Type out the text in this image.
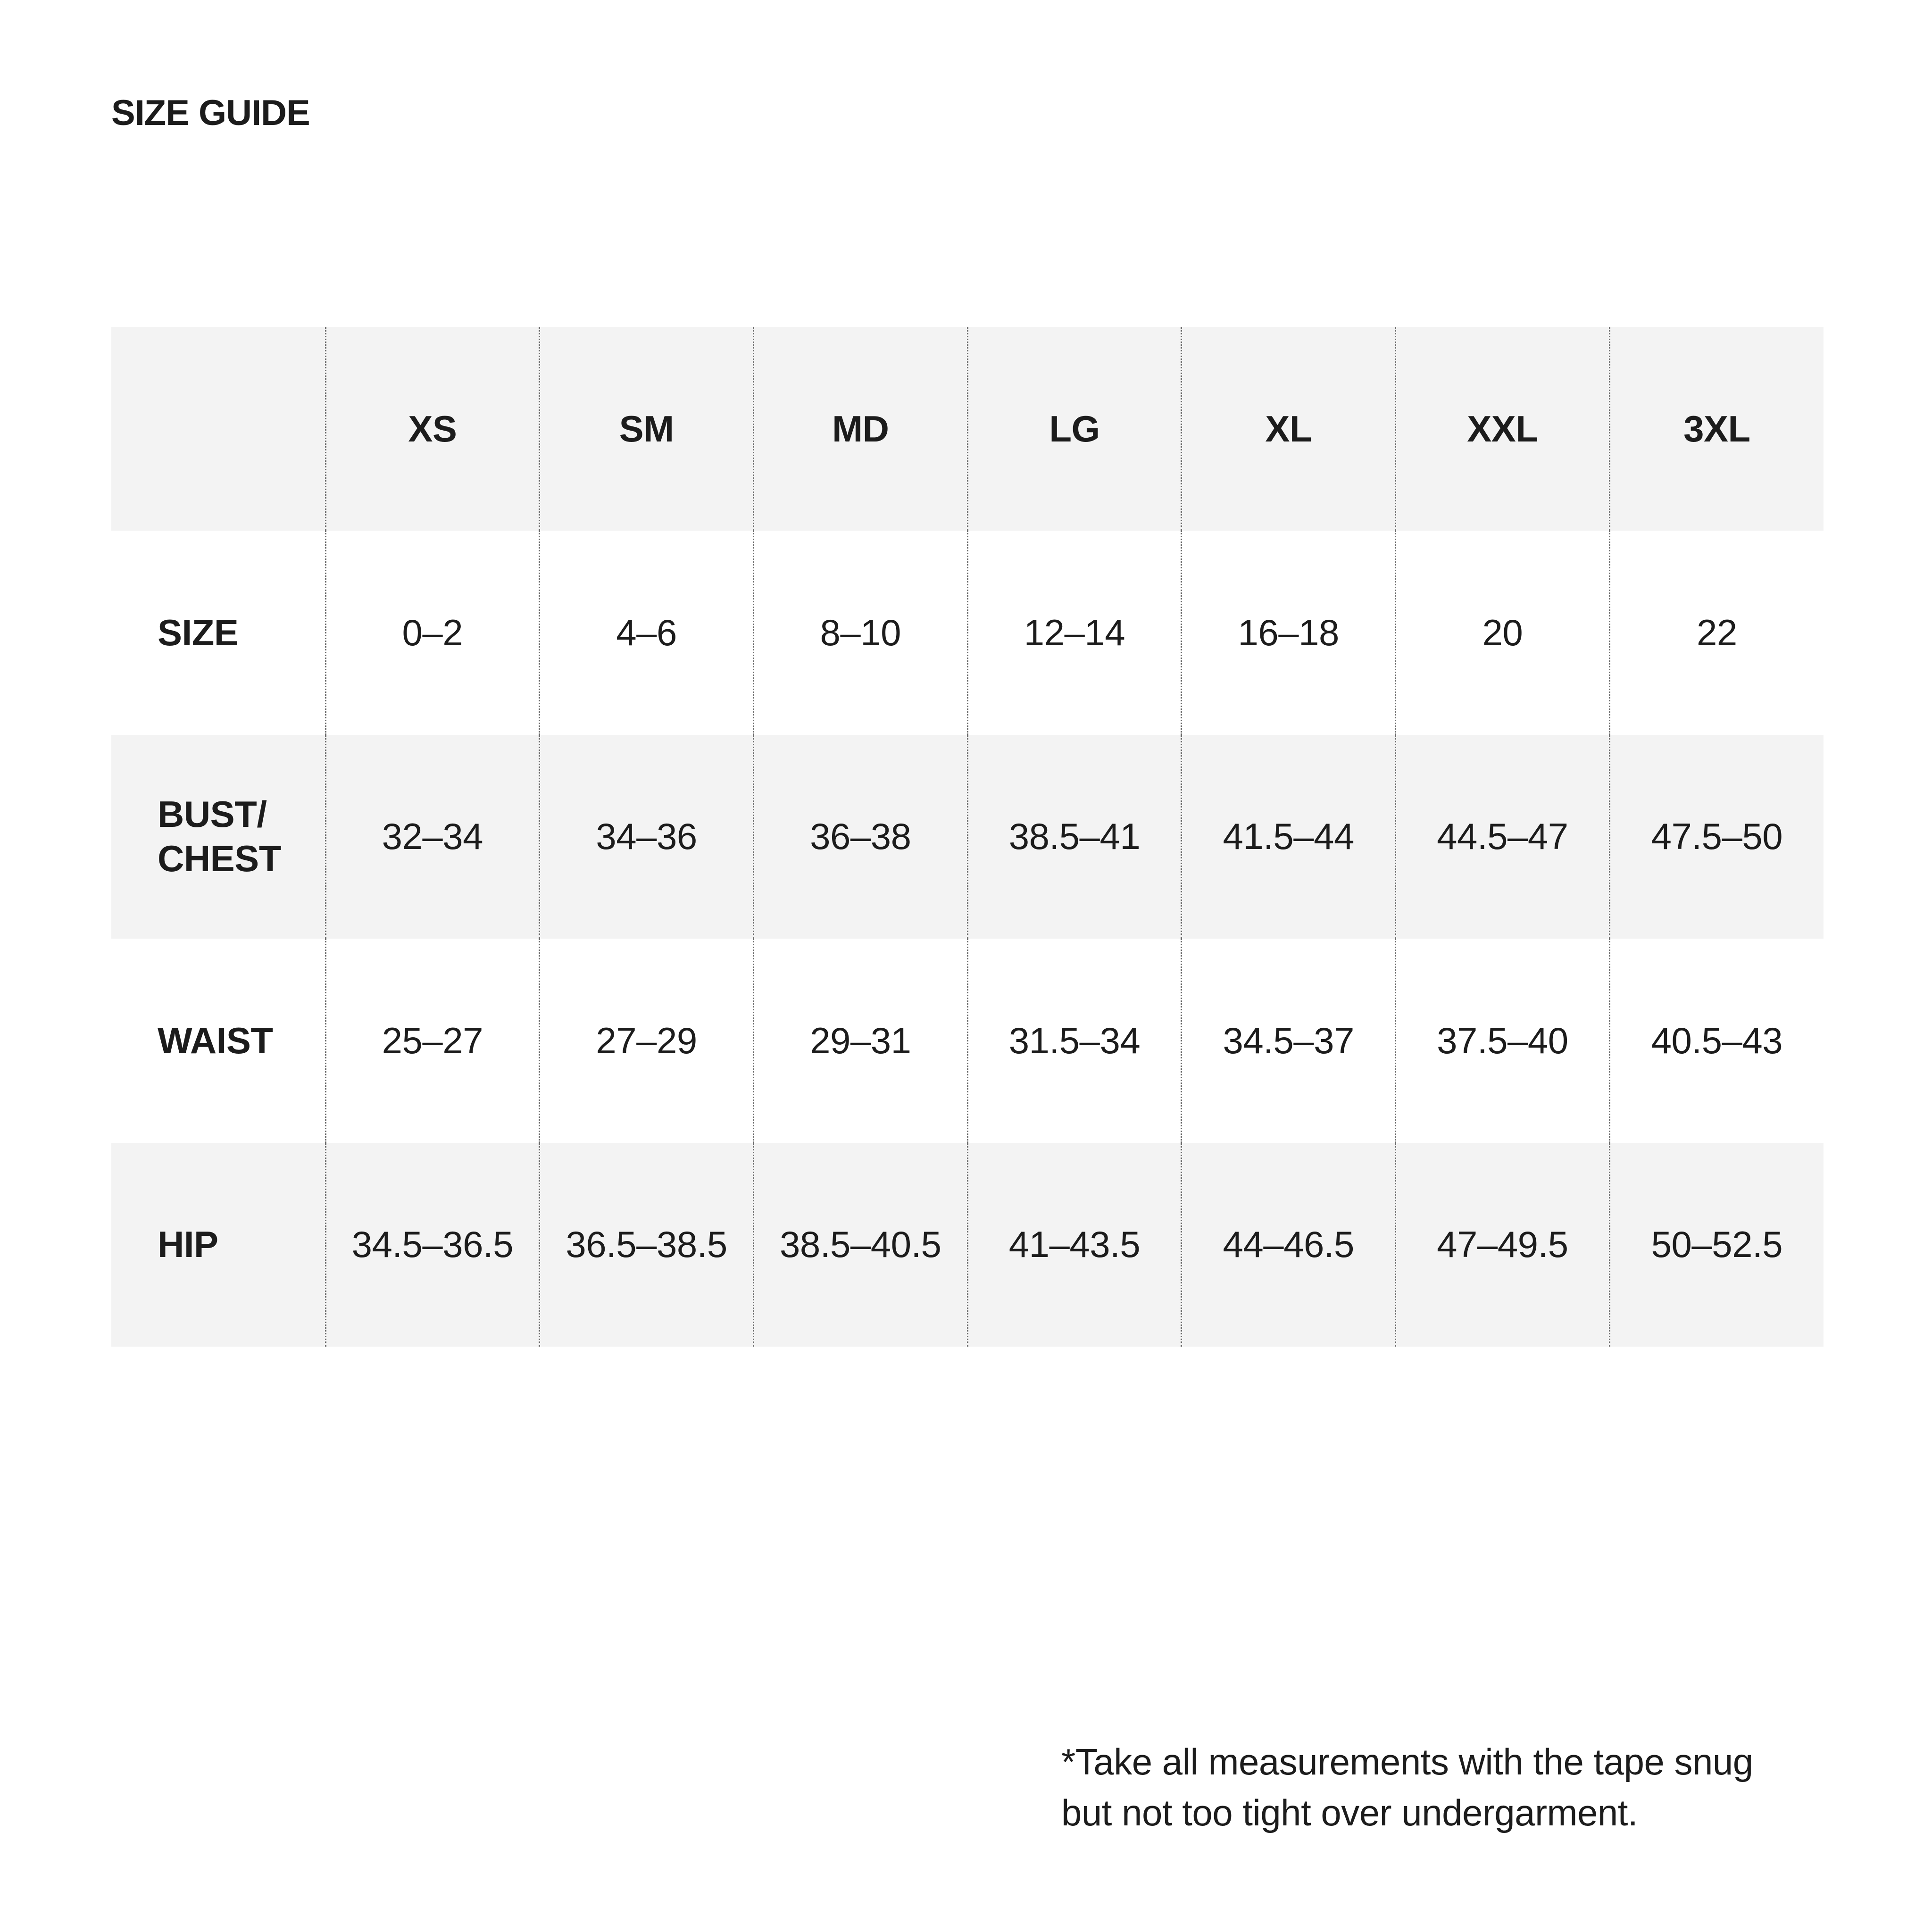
SIZE GUIDE
	XS	SM	MD	LG	XL	XXL	3XL
SIZE	0–2	4–6	8–10	12–14	16–18	20	22
BUST/
CHEST	32–34	34–36	36–38	38.5–41	41.5–44	44.5–47	47.5–50
WAIST	25–27	27–29	29–31	31.5–34	34.5–37	37.5–40	40.5–43
HIP	34.5–36.5	36.5–38.5	38.5–40.5	41–43.5	44–46.5	47–49.5	50–52.5

*Take all measurements with the tape snug
but not too tight over undergarment.
